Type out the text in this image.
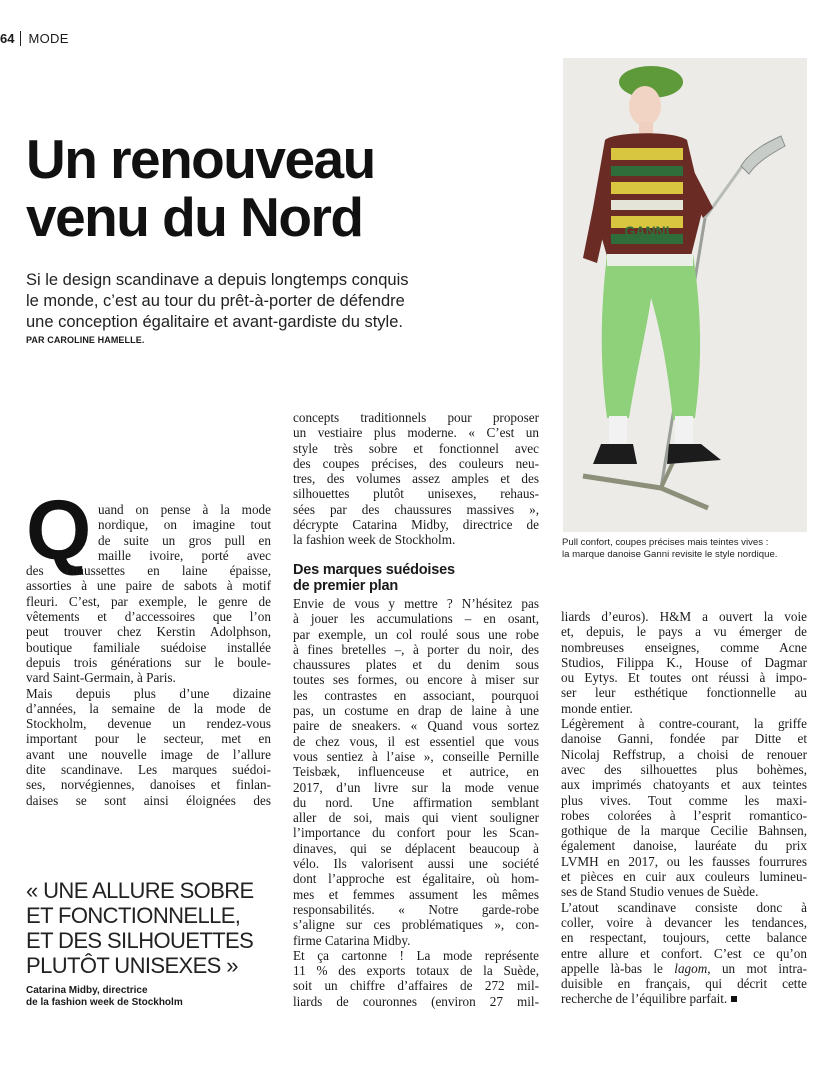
64 MODE
Un renouveau
venu du Nord
Si le design scandinave a depuis longtemps conquis
le monde, c’est au tour du prêt-à-porter de défendre
une conception égalitaire et avant-gardiste du style.
PAR CAROLINE HAMELLE.
GANNI
Pull confort, coupes précises mais teintes vives :
la marque danoise Ganni revisite le style nordique.
Q uand on pense à la mode
nordique, on imagine tout
de suite un gros pull en
maille ivoire, porté avec
des chaussettes en laine épaisse,
assorties à une paire de sabots à motif
fleuri. C’est, par exemple, le genre de
vêtements et d’accessoires que l’on
peut trouver chez Kerstin Adolphson,
boutique familiale suédoise installée
depuis trois générations sur le boule-
vard Saint-Germain, à Paris.
Mais depuis plus d’une dizaine
d’années, la semaine de la mode de
Stockholm, devenue un rendez-vous
important pour le secteur, met en
avant une nouvelle image de l’allure
dite scandinave. Les marques suédoi-
ses, norvégiennes, danoises et finlan-
daises se sont ainsi éloignées des
concepts traditionnels pour proposer
un vestiaire plus moderne. « C’est un
style très sobre et fonctionnel avec
des coupes précises, des couleurs neu-
tres, des volumes assez amples et des
silhouettes plutôt unisexes, rehaus-
sées par des chaussures massives »,
décrypte Catarina Midby, directrice de
la fashion week de Stockholm.
Des marques suédoises
de premier plan
Envie de vous y mettre ? N’hésitez pas
à jouer les accumulations – en osant,
par exemple, un col roulé sous une robe
à fines bretelles –, à porter du noir, des
chaussures plates et du denim sous
toutes ses formes, ou encore à miser sur
les contrastes en associant, pourquoi
pas, un costume en drap de laine à une
paire de sneakers. « Quand vous sortez
de chez vous, il est essentiel que vous
vous sentiez à l’aise », conseille Pernille
Teisbæk, influenceuse et autrice, en
2017, d’un livre sur la mode venue
du nord. Une affirmation semblant
aller de soi, mais qui vient souligner
l’importance du confort pour les Scan-
dinaves, qui se déplacent beaucoup à
vélo. Ils valorisent aussi une société
dont l’approche est égalitaire, où hom-
mes et femmes assument les mêmes
responsabilités. « Notre garde-robe
s’aligne sur ces problématiques », con-
firme Catarina Midby.
Et ça cartonne ! La mode représente
11 % des exports totaux de la Suède,
soit un chiffre d’affaires de 272 mil-
liards de couronnes (environ 27 mil-
liards d’euros). H&M a ouvert la voie
et, depuis, le pays a vu émerger de
nombreuses enseignes, comme Acne
Studios, Filippa K., House of Dagmar
ou Eytys. Et toutes ont réussi à impo-
ser leur esthétique fonctionnelle au
monde entier.
Légèrement à contre-courant, la griffe
danoise Ganni, fondée par Ditte et
Nicolaj Reffstrup, a choisi de renouer
avec des silhouettes plus bohèmes,
aux imprimés chatoyants et aux teintes
plus vives. Tout comme les maxi-
robes colorées à l’esprit romantico-
gothique de la marque Cecilie Bahnsen,
également danoise, lauréate du prix
LVMH en 2017, ou les fausses fourrures
et pièces en cuir aux couleurs lumineu-
ses de Stand Studio venues de Suède.
L’atout scandinave consiste donc à
coller, voire à devancer les tendances,
en respectant, toujours, cette balance
entre allure et confort. C’est ce qu’on
appelle là-bas le lagom, un mot intra-
duisible en français, qui décrit cette
recherche de l’équilibre parfait.
« UNE ALLURE SOBRE
ET FONCTIONNELLE,
ET DES SILHOUETTES
PLUTÔT UNISEXES »
Catarina Midby, directrice
de la fashion week de Stockholm
